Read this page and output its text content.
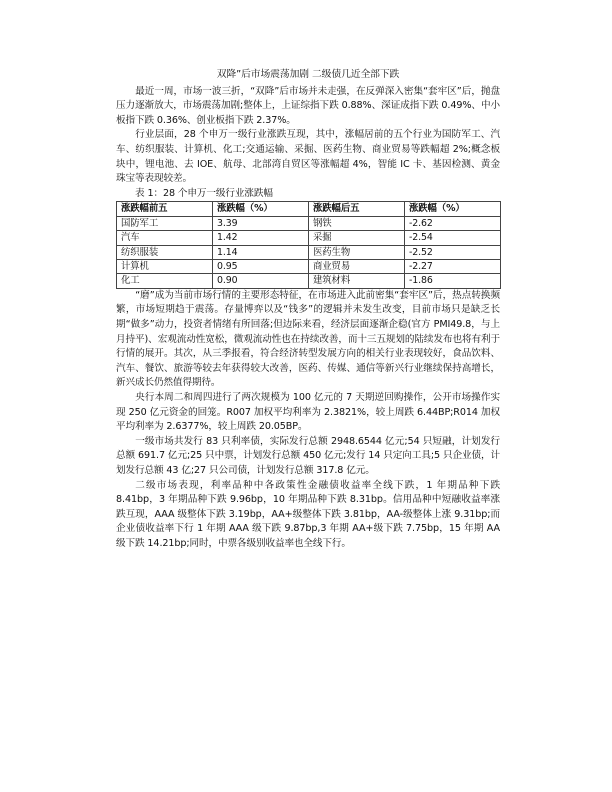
双降”后市场震荡加剧 二级债几近全部下跌

最近一周，市场一波三折，“双降”后市场并未走强，在反弹深入密集“套牢区”后，抛盘压力逐渐放大，市场震荡加剧;整体上，上证综指下跌 0.88%、深证成指下跌 0.49%、中小板指下跌 0.36%、创业板指下跌 2.37%。

行业层面，28 个申万一级行业涨跌互现，其中，涨幅居前的五个行业为国防军工、汽车、纺织服装、计算机、化工;交通运输、采掘、医药生物、商业贸易等跌幅超 2%;概念板块中，锂电池、去 IOE、航母、北部湾自贸区等涨幅超 4%，智能 IC 卡、基因检测、黄金珠宝等表现较差。

  表 1：28 个申万一级行业涨跌幅

涨跌幅前五	涨跌幅（%）	涨跌幅后五	涨跌幅（%）
国防军工	3.39	钢铁	-2.62
汽车	1.42	采掘	-2.54
纺织服装	1.14	医药生物	-2.52
计算机	0.95	商业贸易	-2.27
化工	0.90	建筑材料	-1.86

“磨”成为当前市场行情的主要形态特征，在市场进入此前密集“套牢区”后，热点转换频繁，市场短期趋于震荡。存量博弈以及“钱多”的逻辑并未发生改变，目前市场只是缺乏长期“做多”动力，投资者情绪有所回落;但边际来看，经济层面逐渐企稳(官方 PMI49.8，与上月持平)、宏观流动性宽松，微观流动性也在持续改善，而十三五规划的陆续发布也将有利于行情的展开。其次，从三季报看，符合经济转型发展方向的相关行业表现较好，食品饮料、汽车、餐饮、旅游等较去年获得较大改善，医药、传媒、通信等新兴行业继续保持高增长，新兴成长仍然值得期待。

央行本周二和周四进行了两次规模为 100 亿元的 7 天期逆回购操作，公开市场操作实现 250 亿元资金的回笼。R007 加权平均利率为 2.3821%，较上周跌 6.44BP;R014 加权平均利率为 2.6377%，较上周跌 20.05BP。

一级市场共发行 83 只利率债，实际发行总额 2948.6544 亿元;54 只短融，计划发行总额 691.7 亿元;25 只中票，计划发行总额 450 亿元;发行 14 只定向工具;5 只企业债，计划发行总额 43 亿;27 只公司债，计划发行总额 317.8 亿元。

二级市场表现，利率品种中各政策性金融债收益率全线下跌，1 年期品种下跌 8.41bp，3 年期品种下跌 9.96bp，10 年期品种下跌 8.31bp。信用品种中短融收益率涨跌互现，AAA 级整体下跌 3.19bp，AA+级整体下跌 3.81bp，AA-级整体上涨 9.31bp;而企业债收益率下行 1 年期 AAA 级下跌 9.87bp,3 年期 AA+级下跌 7.75bp，15 年期 AA 级下跌 14.21bp;同时，中票各级别收益率也全线下行。
